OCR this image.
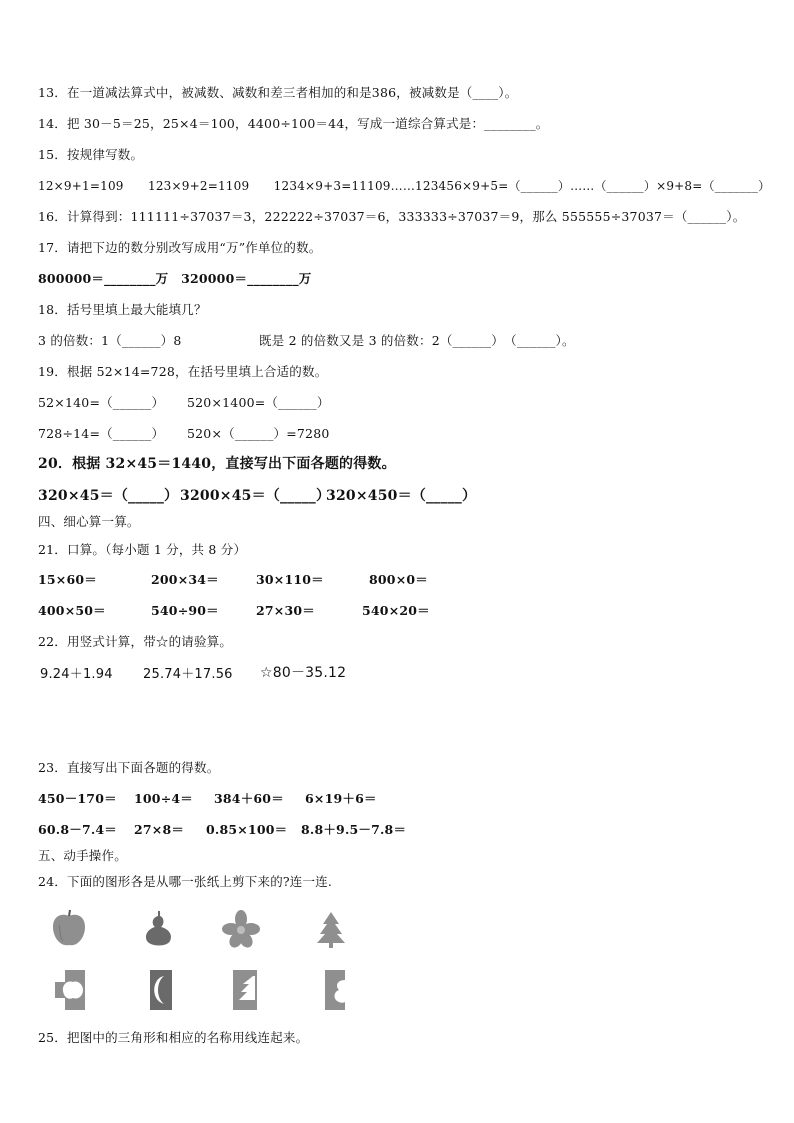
13．在一道减法算式中，被减数、减数和差三者相加的和是386，被减数是（____）。
14．把 30－5＝25，25×4＝100，4400÷100＝44，写成一道综合算式是：________。
15．按规律写数。
12×9+1=109　　123×9+2=1109　　1234×9+3=11109……123456×9+5=（______）……（______）×9+8=（_______）
16．计算得到：111111÷37037＝3，222222÷37037＝6，333333÷37037＝9，那么 555555÷37037＝（______）。
17．请把下边的数分别改写成用“万”作单位的数。
800000＝________万　320000＝________万
18．括号里填上最大能填几？
3 的倍数：1（______）8	既是 2 的倍数又是 3 的倍数：2（______）　（______）。
19．根据 52×14=728，在括号里填上合适的数。
52×140=（______） 520×1400=（______）
728÷14=（______） 520×（______）=7280
20．根据 32×45＝1440，直接写出下面各题的得数。
320×45＝（_____） 3200×45＝（_____）
320×450＝（_____）
四、细心算一算。
21．口算。（每小题 1 分，共 8 分）
15×60＝	200×34＝	30×110＝	800×0＝
400×50＝	540÷90＝	27×30＝	540×20＝
22．用竖式计算，带☆的请验算。
9.24＋1.94 25.74＋17.56 ☆80－35.12
23．直接写出下面各题的得数。
450－170＝ 100÷4＝ 384＋60＝ 6×19＋6＝
60.8－7.4＝ 27×8＝ 0.85×100＝ 8.8＋9.5－7.8＝
五、动手操作。
24．下面的图形各是从哪一张纸上剪下来的?连一连.
25．把图中的三角形和相应的名称用线连起来。
